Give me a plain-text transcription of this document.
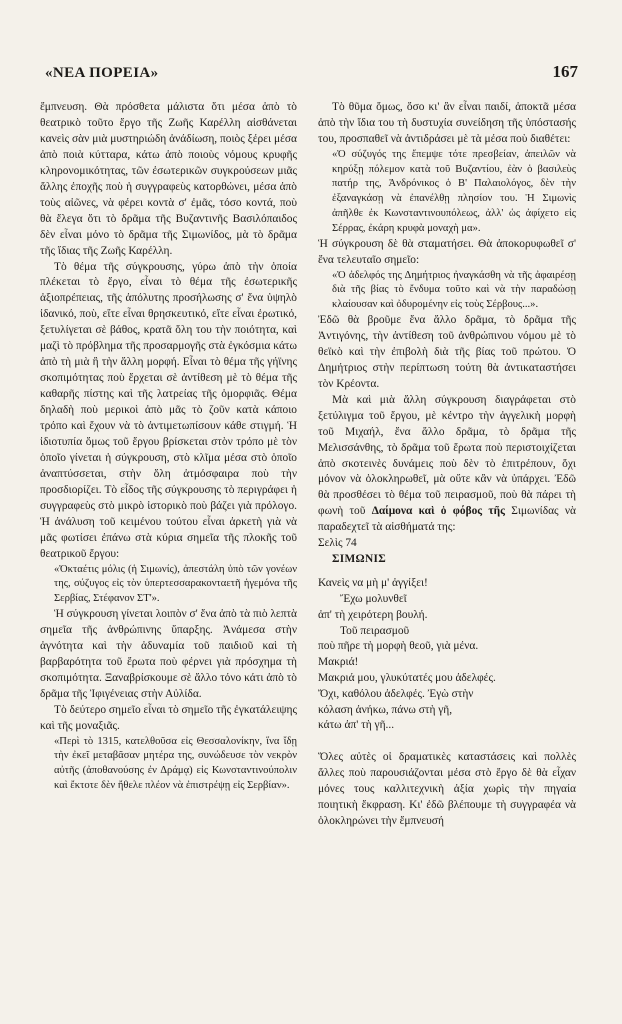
«ΝΕΑ ΠΟΡΕΙΑ»	167

ἔμπνευση. Θὰ πρόσθετα μάλιστα ὅτι μέσα ἀπὸ τὸ θεατρικὸ τοῦτο ἔργο τῆς Ζωῆς Καρέλλη αἰσθάνεται κανεὶς σὰν μιὰ μυστηριώδη ἀνάδίωση, ποιὸς ξέρει μέσα ἀπὸ ποιὰ κύτταρα, κάτω ἀπὸ ποιοὺς νόμους κρυφῆς κληρονομικότητας, τῶν ἐσωτερικῶν συγκρούσεων μιᾶς ἄλλης ἐποχῆς ποὺ ἡ συγγραφεὺς κατορθώνει, μέσα ἀπὸ τοὺς αἰῶνες, νὰ φέρει κοντὰ σ' ἐμᾶς, τόσο κοντά, ποὺ θὰ ἔλεγα ὅτι τὸ δρᾶμα τῆς Βυζαντινῆς Βασιλόπαιδος δὲν εἶναι μόνο τὸ δρᾶμα τῆς Σιμωνίδος, μὰ τὸ δρᾶμα τῆς ἴδιας τῆς Ζωῆς Καρέλλη.

Τὸ θέμα τῆς σύγκρουσης, γύρω ἀπὸ τὴν ὁποία πλέκεται τὸ ἔργο, εἶναι τὸ θέμα τῆς ἐσωτερικῆς ἀξιοπρέπειας, τῆς ἀπόλυτης προσήλωσης σ' ἕνα ὑψηλὸ ἰδανικό, ποὺ, εἴτε εἶναι θρησκευτικό, εἴτε εἶναι ἐρωτικό, ξετυλίγεται σὲ βάθος, κρατᾶ ὅλη του τὴν ποιότητα, καὶ μαζὶ τὸ πρόβλημα τῆς προσαρμογῆς στὰ ἐγκόσμια κάτω ἀπὸ τὴ μιὰ ἢ τὴν ἄλλη μορφή. Εἶναι τὸ θέμα τῆς γήϊνης σκοπιμότητας ποὺ ἔρχεται σὲ ἀντίθεση μὲ τὸ θέμα τῆς καθαρῆς πίστης καὶ τῆς λατρείας τῆς ὁμορφιᾶς. Θέμα δηλαδὴ ποὺ μερικοὶ ἀπὸ μᾶς τὸ ζοῦν κατὰ κάποιο τρόπο καὶ ἔχουν νὰ τὸ ἀντιμετωπίσουν κάθε στιγμή. Ἡ ἰδιοτυπία ὅμως τοῦ ἔργου βρίσκεται στὸν τρόπο μὲ τὸν ὁποῖο γίνεται ἡ σύγκρουση, στὸ κλῖμα μέσα στὸ ὁποῖο ἀναπτύσσεται, στὴν ὅλη ἀτμόσφαιρα ποὺ τὴν προσδιορίζει. Τὸ εἶδος τῆς σύγκρουσης τὸ περιγράφει ἡ συγγραφεὺς στὸ μικρὸ ἱστορικὸ ποὺ βάζει γιὰ πρόλογο. Ἡ ἀνάλυση τοῦ κειμένου τούτου εἶναι ἀρκετὴ γιὰ νὰ μᾶς φωτίσει ἐπάνω στὰ κύρια σημεῖα τῆς πλοκῆς τοῦ θεατρικοῦ ἔργου:

«Ὀκταέτις μόλις (ἡ Σιμωνίς), ἀπεστάλη ὑπὸ τῶν γονέων της, σύζυγος εἰς τὸν ὑπερτεσσαρακονταετῆ ἡγεμόνα τῆς Σερβίας, Στέφανον ΣΤ'».

Ἡ σύγκρουση γίνεται λοιπὸν σ' ἕνα ἀπὸ τὰ πιὸ λεπτὰ σημεῖα τῆς ἀνθρώπινης ὕπαρξης. Ἀνάμεσα στὴν ἀγνότητα καὶ τὴν ἀδυναμία τοῦ παιδιοῦ καὶ τὴ βαρβαρότητα τοῦ ἔρωτα ποὺ φέρνει γιὰ πρόσχημα τὴ σκοπιμότητα. Ξαναβρίσκουμε σὲ ἄλλο τόνο κάτι ἀπὸ τὸ δρᾶμα τῆς Ἰφιγένειας στὴν Αὐλίδα.

Τὸ δεύτερο σημεῖο εἶναι τὸ σημεῖο τῆς ἐγκατάλειψης καὶ τῆς μοναξιᾶς.

«Περὶ τὸ 1315, κατελθοῦσα εἰς Θεσσαλονίκην, ἵνα ἴδῃ τὴν ἐκεῖ μεταβᾶσαν μητέρα της, συνώδευσε τὸν νεκρὸν αὐτῆς (ἀποθανούσης ἐν Δράμᾳ) εἰς Κωνσταντινούπολιν καὶ ἔκτοτε δὲν ἤθελε πλέον νὰ ἐπιστρέψῃ εἰς Σερβίαν».

Τὸ θῦμα ὅμως, ὅσο κι' ἂν εἶναι παιδί, ἀποκτᾶ μέσα ἀπὸ τὴν ἴδια του τὴ δυστυχία συνείδηση τῆς ὑπόστασής του, προσπαθεῖ νὰ ἀντιδράσει μὲ τὰ μέσα ποὺ διαθέτει:

«Ὁ σύζυγός της ἔπεμψε τότε πρεσβείαν, ἀπειλῶν νὰ κηρύξῃ πόλεμον κατὰ τοῦ Βυζαντίου, ἐὰν ὁ βασιλεὺς πατήρ της, Ἀνδρόνικος ὁ Β' Παλαιολόγος, δὲν τὴν ἐξαναγκάσῃ νὰ ἐπανέλθῃ πλησίον του. Ἡ Σιμωνὶς ἀπῆλθε ἐκ Κωνσταντινουπόλεως, ἀλλ' ὡς ἀφίχετο εἰς Σέρρας, ἐκάρη κρυφὰ μοναχὴ μα».

Ἡ σύγκρουση δὲ θὰ σταματήσει. Θὰ ἀποκορυφωθεῖ σ' ἕνα τελευταῖο σημεῖο:

«Ὁ ἀδελφός της Δημήτριος ἠναγκάσθη νὰ τῆς ἀφαιρέσῃ διὰ τῆς βίας τὸ ἔνδυμα τοῦτο καὶ νὰ τὴν παραδώσῃ κλαίουσαν καὶ ὀδυρομένην εἰς τοὺς Σέρβους...».

Ἐδῶ θὰ βροῦμε ἕνα ἄλλο δρᾶμα, τὸ δρᾶμα τῆς Ἀντιγόνης, τὴν ἀντίθεση τοῦ ἀνθρώπινου νόμου μὲ τὸ θεϊκὸ καὶ τὴν ἐπιβολὴ διὰ τῆς βίας τοῦ πρώτου. Ὁ Δημήτριος στὴν περίπτωση τούτη θὰ ἀντικαταστήσει τὸν Κρέοντα.

Μὰ καὶ μιὰ ἄλλη σύγκρουση διαγράφεται στὸ ξετύλιγμα τοῦ ἔργου, μὲ κέντρο τὴν ἀγγελικὴ μορφὴ τοῦ Μιχαήλ, ἕνα ἄλλο δρᾶμα, τὸ δρᾶμα τῆς Μελισσάνθης, τὸ δρᾶμα τοῦ ἔρωτα ποὺ περιστοιχίζεται ἀπὸ σκοτεινὲς δυνάμεις ποὺ δὲν τὸ ἐπιτρέπουν, ὄχι μόνον νὰ ὁλοκληρωθεῖ, μὰ οὔτε κἂν νὰ ὑπάρχει. Ἐδῶ θὰ προσθέσει τὸ θέμα τοῦ πειρασμοῦ, ποὺ θὰ πάρει τὴ φωνὴ τοῦ Δαίμονα καὶ ὁ φόβος τῆς Σιμωνίδας νὰ παραδεχτεῖ τὰ αἰσθήματά της:

Σελὶς 74

ΣΙΜΩΝΙΣ

Κανεὶς να μὴ μ' ἀγγίξει!
Ἔχω μολυνθεῖ
ἀπ' τὴ χειρότερη βουλή.
Τοῦ πειρασμοῦ
ποὺ πῆρε τὴ μορφὴ θεοῦ, γιὰ μένα.
Μακριά!
Μακριά μου, γλυκύτατές μου ἀδελφές.
Ὄχι, καθόλου ἀδελφές. Ἐγὼ στὴν
κόλαση ἀνήκω, πάνω στὴ γῆ,
κάτω ἀπ' τὴ γῆ...

Ὅλες αὐτὲς οἱ δραματικὲς καταστάσεις καὶ πολλὲς ἄλλες ποὺ παρουσιάζονται μέσα στὸ ἔργο δὲ θὰ εἶχαν μόνες τους καλλιτεχνικὴ ἀξία χωρὶς τὴν πηγαία ποιητικὴ ἔκφραση. Κι' ἐδῶ βλέπουμε τὴ συγγραφέα νὰ ὁλοκληρώνει τὴν ἔμπνευσή
